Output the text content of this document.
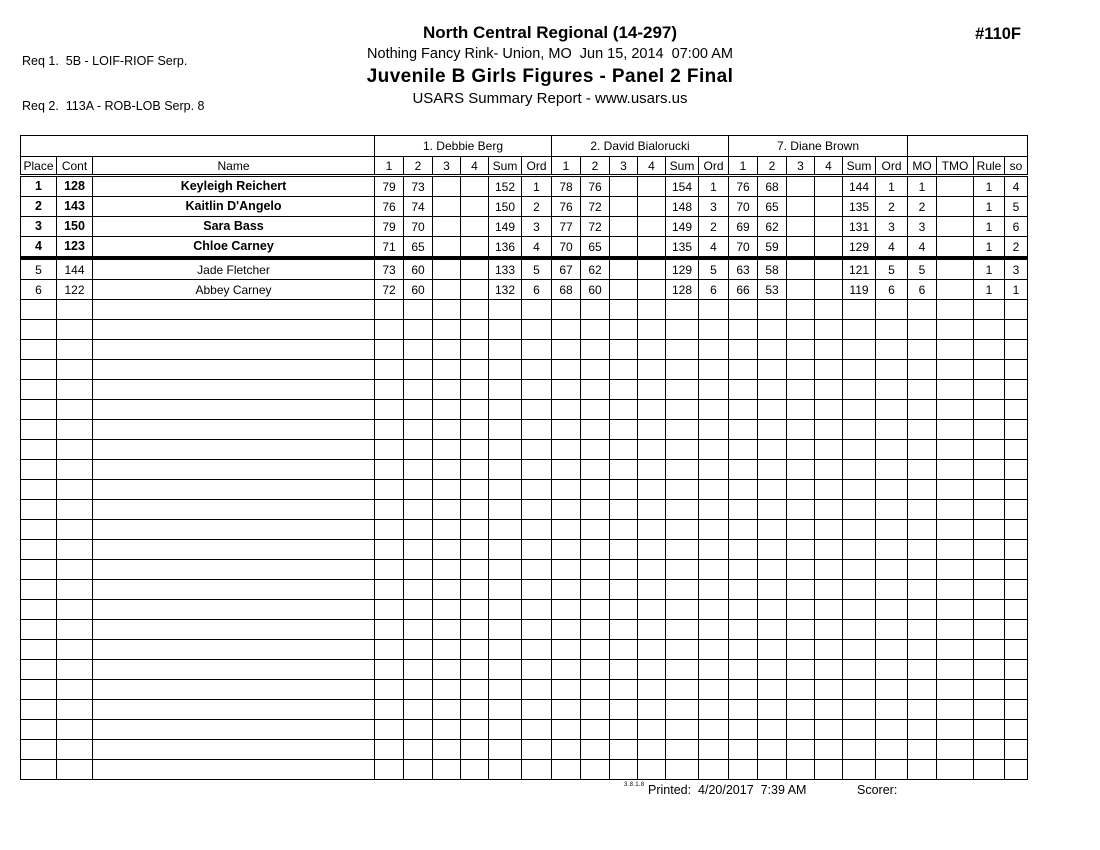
Req 1.  5B - LOIF-RIOF Serp.

Req 2.  113A - ROB-LOB Serp. 8

North Central Regional (14-297)
Nothing Fancy Rink- Union, MO  Jun 15, 2014  07:00 AM
Juvenile B Girls Figures - Panel 2 Final
USARS Summary Report - www.usars.us
#110F
			1. Debbie Berg						2. David Bialorucki						7. Diane Brown									
Place	Cont	Name	1	2	3	4	Sum	Ord	1	2	3	4	Sum	Ord	1	2	3	4	Sum	Ord	MO	TMO	Rule	so
1	128	Keyleigh Reichert	79	73			152	1	78	76			154	1	76	68			144	1	1		1	4
2	143	Kaitlin D'Angelo	76	74			150	2	76	72			148	3	70	65			135	2	2		1	5
3	150	Sara Bass	79	70			149	3	77	72			149	2	69	62			131	3	3		1	6
4	123	Chloe Carney	71	65			136	4	70	65			135	4	70	59			129	4	4		1	2
5	144	Jade Fletcher	73	60			133	5	67	62			129	5	63	58			121	5	5		1	3
6	122	Abbey Carney	72	60			132	6	68	60			128	6	66	53			119	6	6		1	1

3.8.1.8 Printed: 4/20/2017  7:39 AM	Scorer:
